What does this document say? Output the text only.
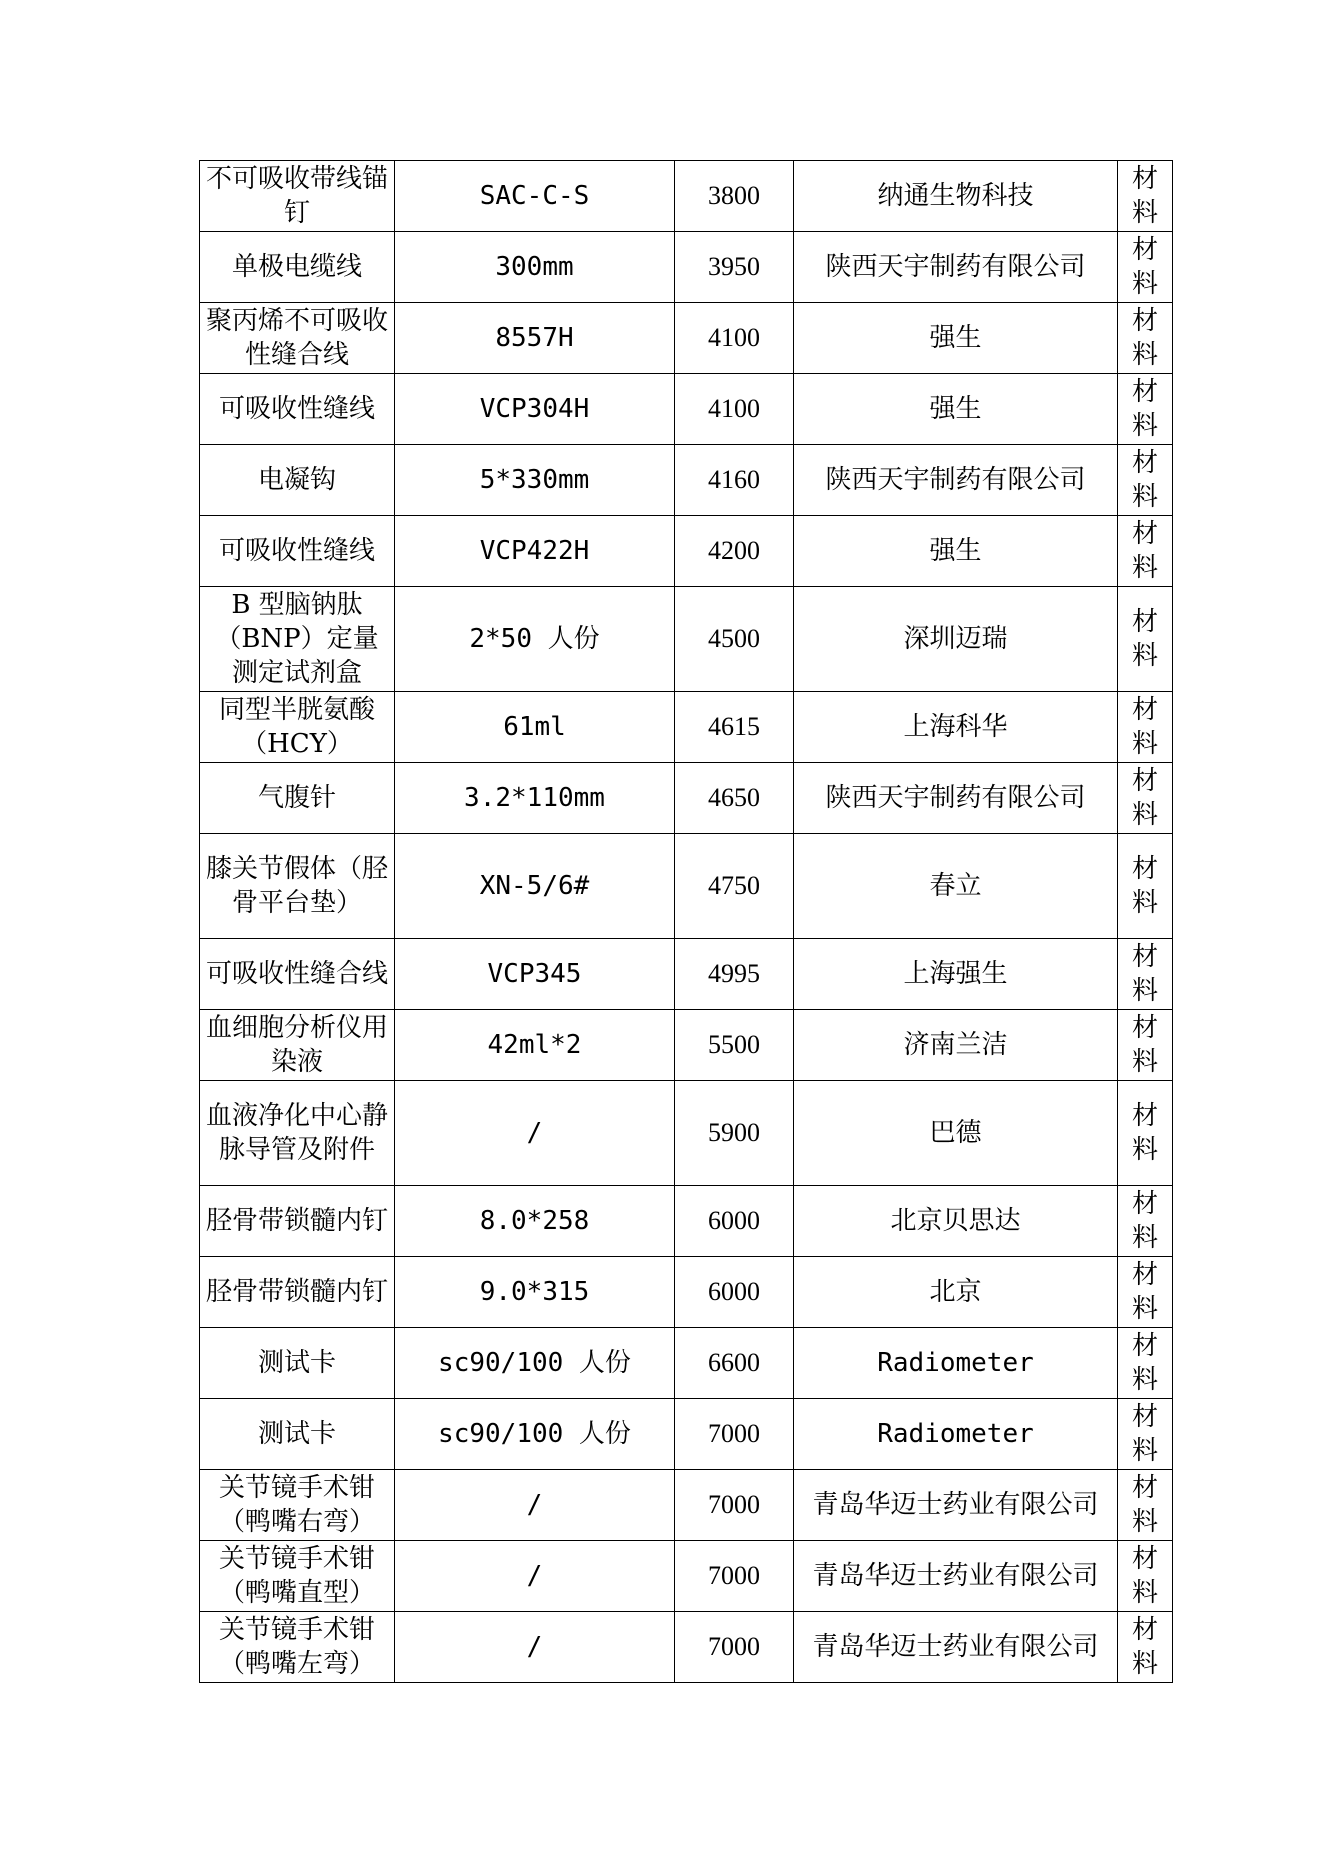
不可吸收带线锚钉	SAC-C-S	3800	纳通生物科技	材料
单极电缆线	300mm	3950	陕西天宇制药有限公司	材料
聚丙烯不可吸收性缝合线	8557H	4100	强生	材料
可吸收性缝线	VCP304H	4100	强生	材料
电凝钩	5*330mm	4160	陕西天宇制药有限公司	材料
可吸收性缝线	VCP422H	4200	强生	材料
B 型脑钠肽（BNP）定量测定试剂盒	2*50 人份	4500	深圳迈瑞	材料
同型半胱氨酸（HCY）	61ml	4615	上海科华	材料
气腹针	3.2*110mm	4650	陕西天宇制药有限公司	材料
膝关节假体（胫骨平台垫）	XN-5/6#	4750	春立	材料
可吸收性缝合线	VCP345	4995	上海强生	材料
血细胞分析仪用染液	42ml*2	5500	济南兰洁	材料
血液净化中心静脉导管及附件	/	5900	巴德	材料
胫骨带锁髓内钉	8.0*258	6000	北京贝思达	材料
胫骨带锁髓内钉	9.0*315	6000	北京	材料
测试卡	sc90/100 人份	6600	Radiometer	材料
测试卡	sc90/100 人份	7000	Radiometer	材料
关节镜手术钳（鸭嘴右弯）	/	7000	青岛华迈士药业有限公司	材料
关节镜手术钳（鸭嘴直型）	/	7000	青岛华迈士药业有限公司	材料
关节镜手术钳（鸭嘴左弯）	/	7000	青岛华迈士药业有限公司	材料
